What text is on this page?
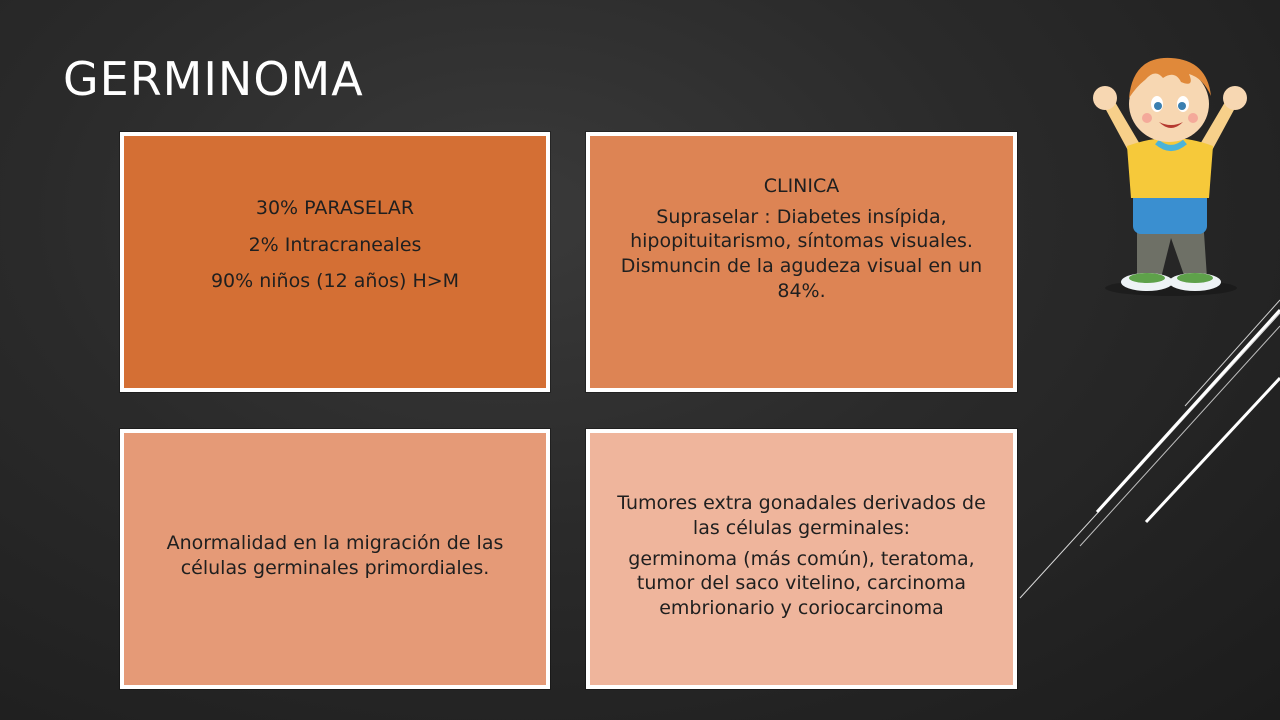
GERMINOMA

30% PARASELAR

2% Intracraneales

90% niños (12 años) H>M

CLINICA

Supraselar : Diabetes insípida, hipopituitarismo, síntomas visuales. Dismuncin de la agudeza visual en un 84%.

Anormalidad en la migración de las células germinales primordiales.

Tumores extra gonadales derivados de las células germinales:

germinoma (más común), teratoma, tumor del saco vitelino, carcinoma embrionario y coriocarcinoma
